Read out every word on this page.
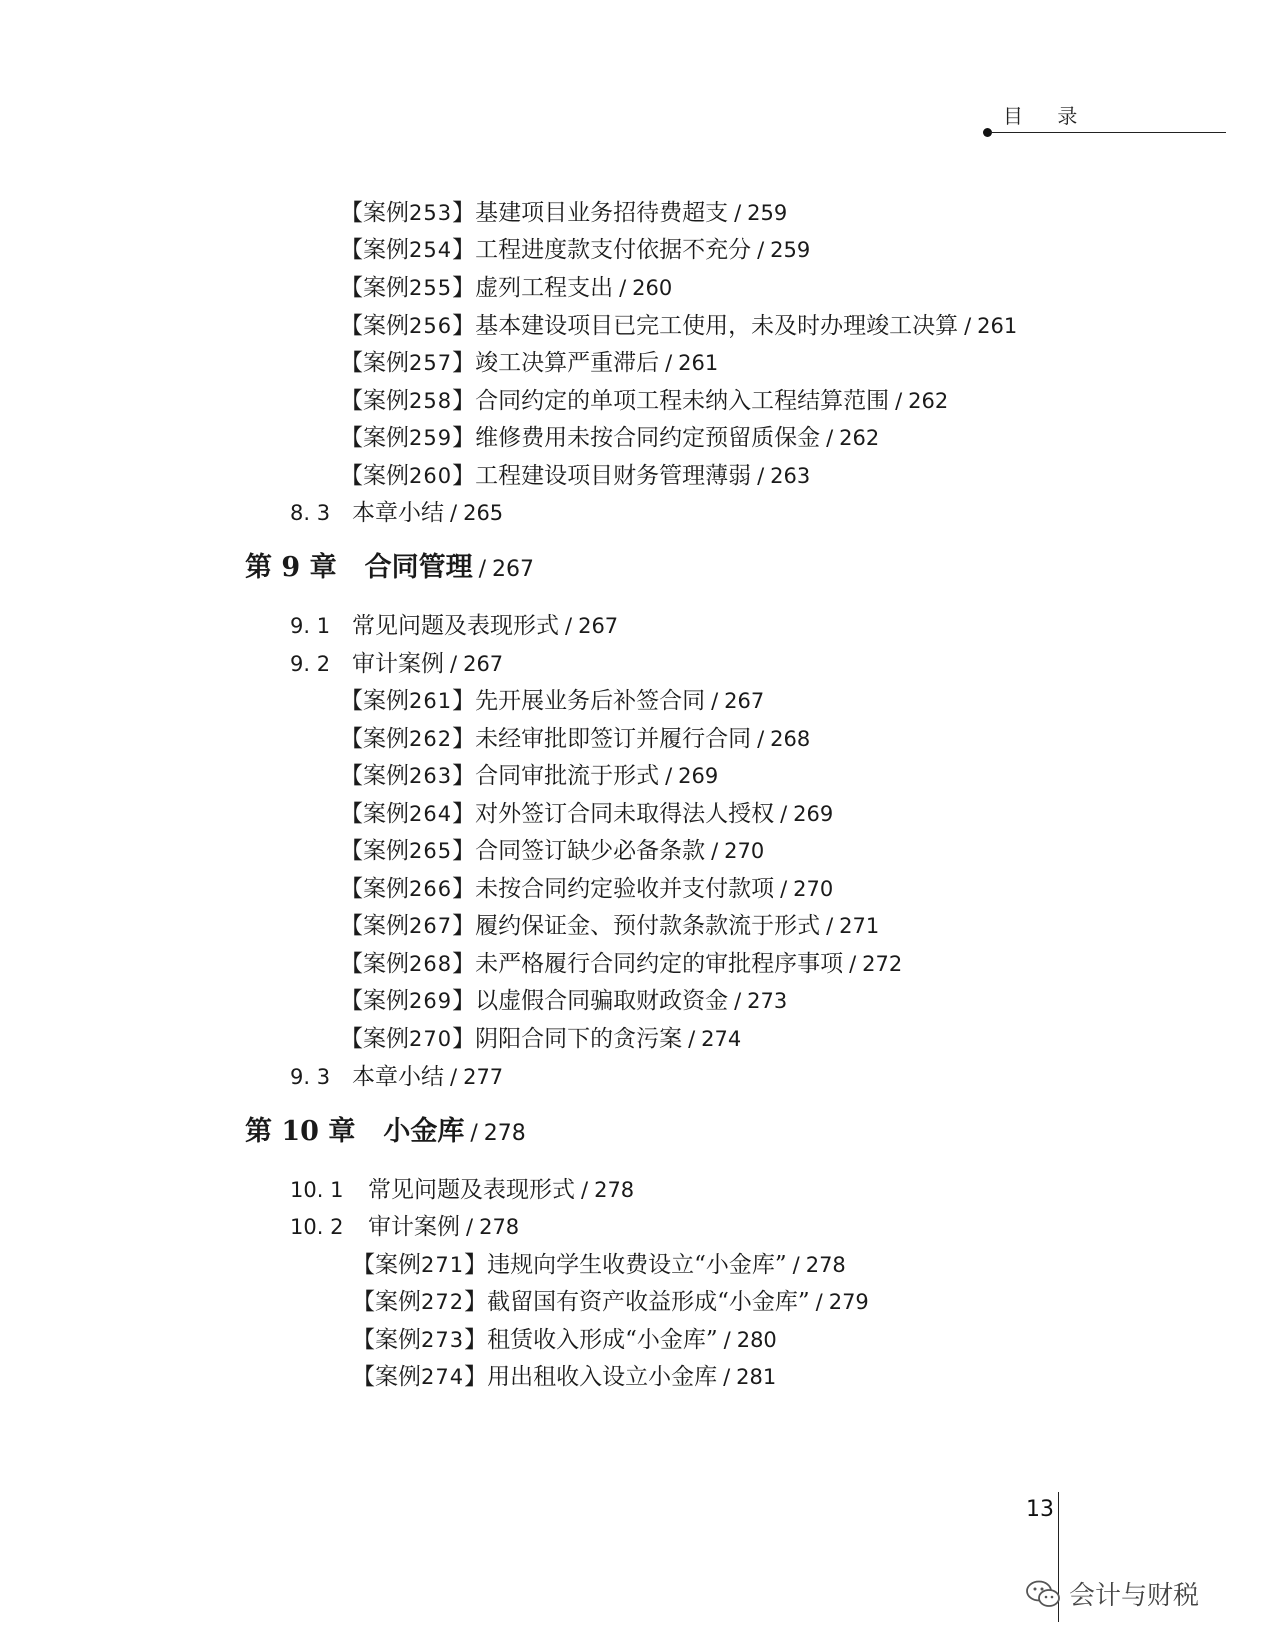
目 录
【案例253】基建项目业务招待费超支 / 259
【案例254】工程进度款支付依据不充分 / 259
【案例255】虚列工程支出 / 260
【案例256】基本建设项目已完工使用，未及时办理竣工决算 / 261
【案例257】竣工决算严重滞后 / 261
【案例258】合同约定的单项工程未纳入工程结算范围 / 262
【案例259】维修费用未按合同约定预留质保金 / 262
【案例260】工程建设项目财务管理薄弱 / 263
8. 3 本章小结 / 265
第 9 章 合同管理 / 267
9. 1 常见问题及表现形式 / 267
9. 2 审计案例 / 267
【案例261】先开展业务后补签合同 / 267
【案例262】未经审批即签订并履行合同 / 268
【案例263】合同审批流于形式 / 269
【案例264】对外签订合同未取得法人授权 / 269
【案例265】合同签订缺少必备条款 / 270
【案例266】未按合同约定验收并支付款项 / 270
【案例267】履约保证金、预付款条款流于形式 / 271
【案例268】未严格履行合同约定的审批程序事项 / 272
【案例269】以虚假合同骗取财政资金 / 273
【案例270】阴阳合同下的贪污案 / 274
9. 3 本章小结 / 277
第 10 章 小金库 / 278
10. 1 常见问题及表现形式 / 278
10. 2 审计案例 / 278
【案例271】违规向学生收费设立“小金库” / 278
【案例272】截留国有资产收益形成“小金库” / 279
【案例273】租赁收入形成“小金库” / 280
【案例274】用出租收入设立小金库 / 281
13
会计与财税
